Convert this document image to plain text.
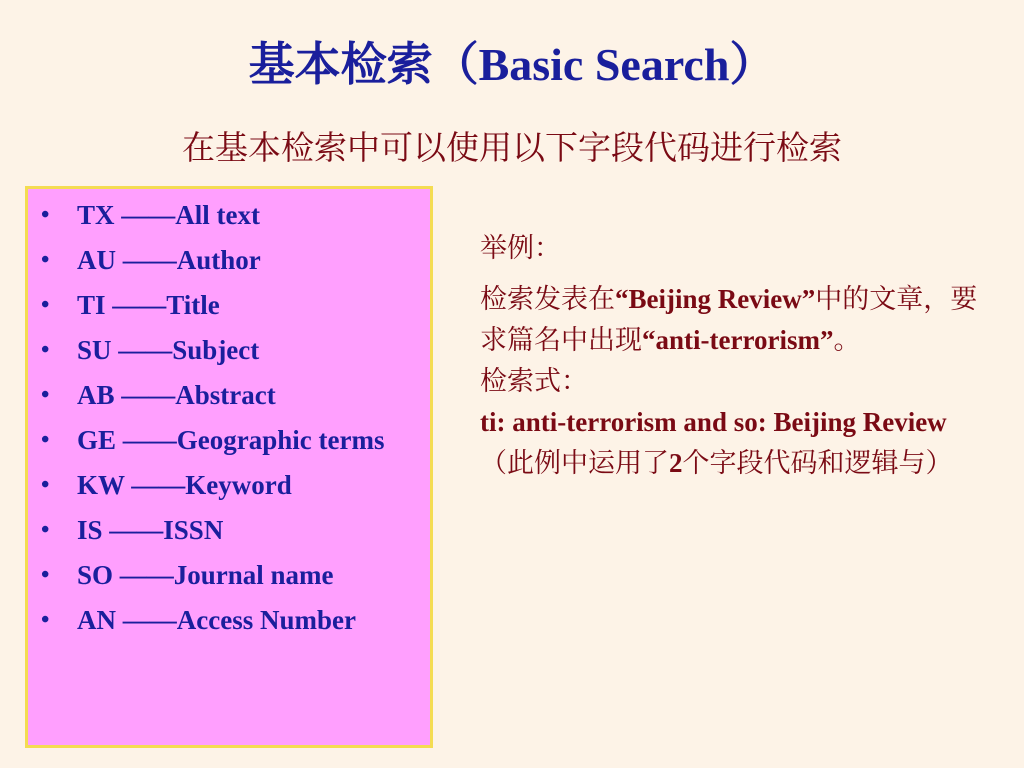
基本检索（Basic Search）
在基本检索中可以使用以下字段代码进行检索
• TX ——All text
• AU ——Author
• TI ——Title
• SU ——Subject
• AB ——Abstract
• GE ——Geographic terms
• KW ——Keyword
• IS ——ISSN
• SO ——Journal name
• AN ——Access Number
举例：
检索发表在“Beijing Review”中的文章，要求篇名中出现“anti-terrorism”。
检索式：
ti: anti-terrorism and so: Beijing Review
（此例中运用了2个字段代码和逻辑与）
